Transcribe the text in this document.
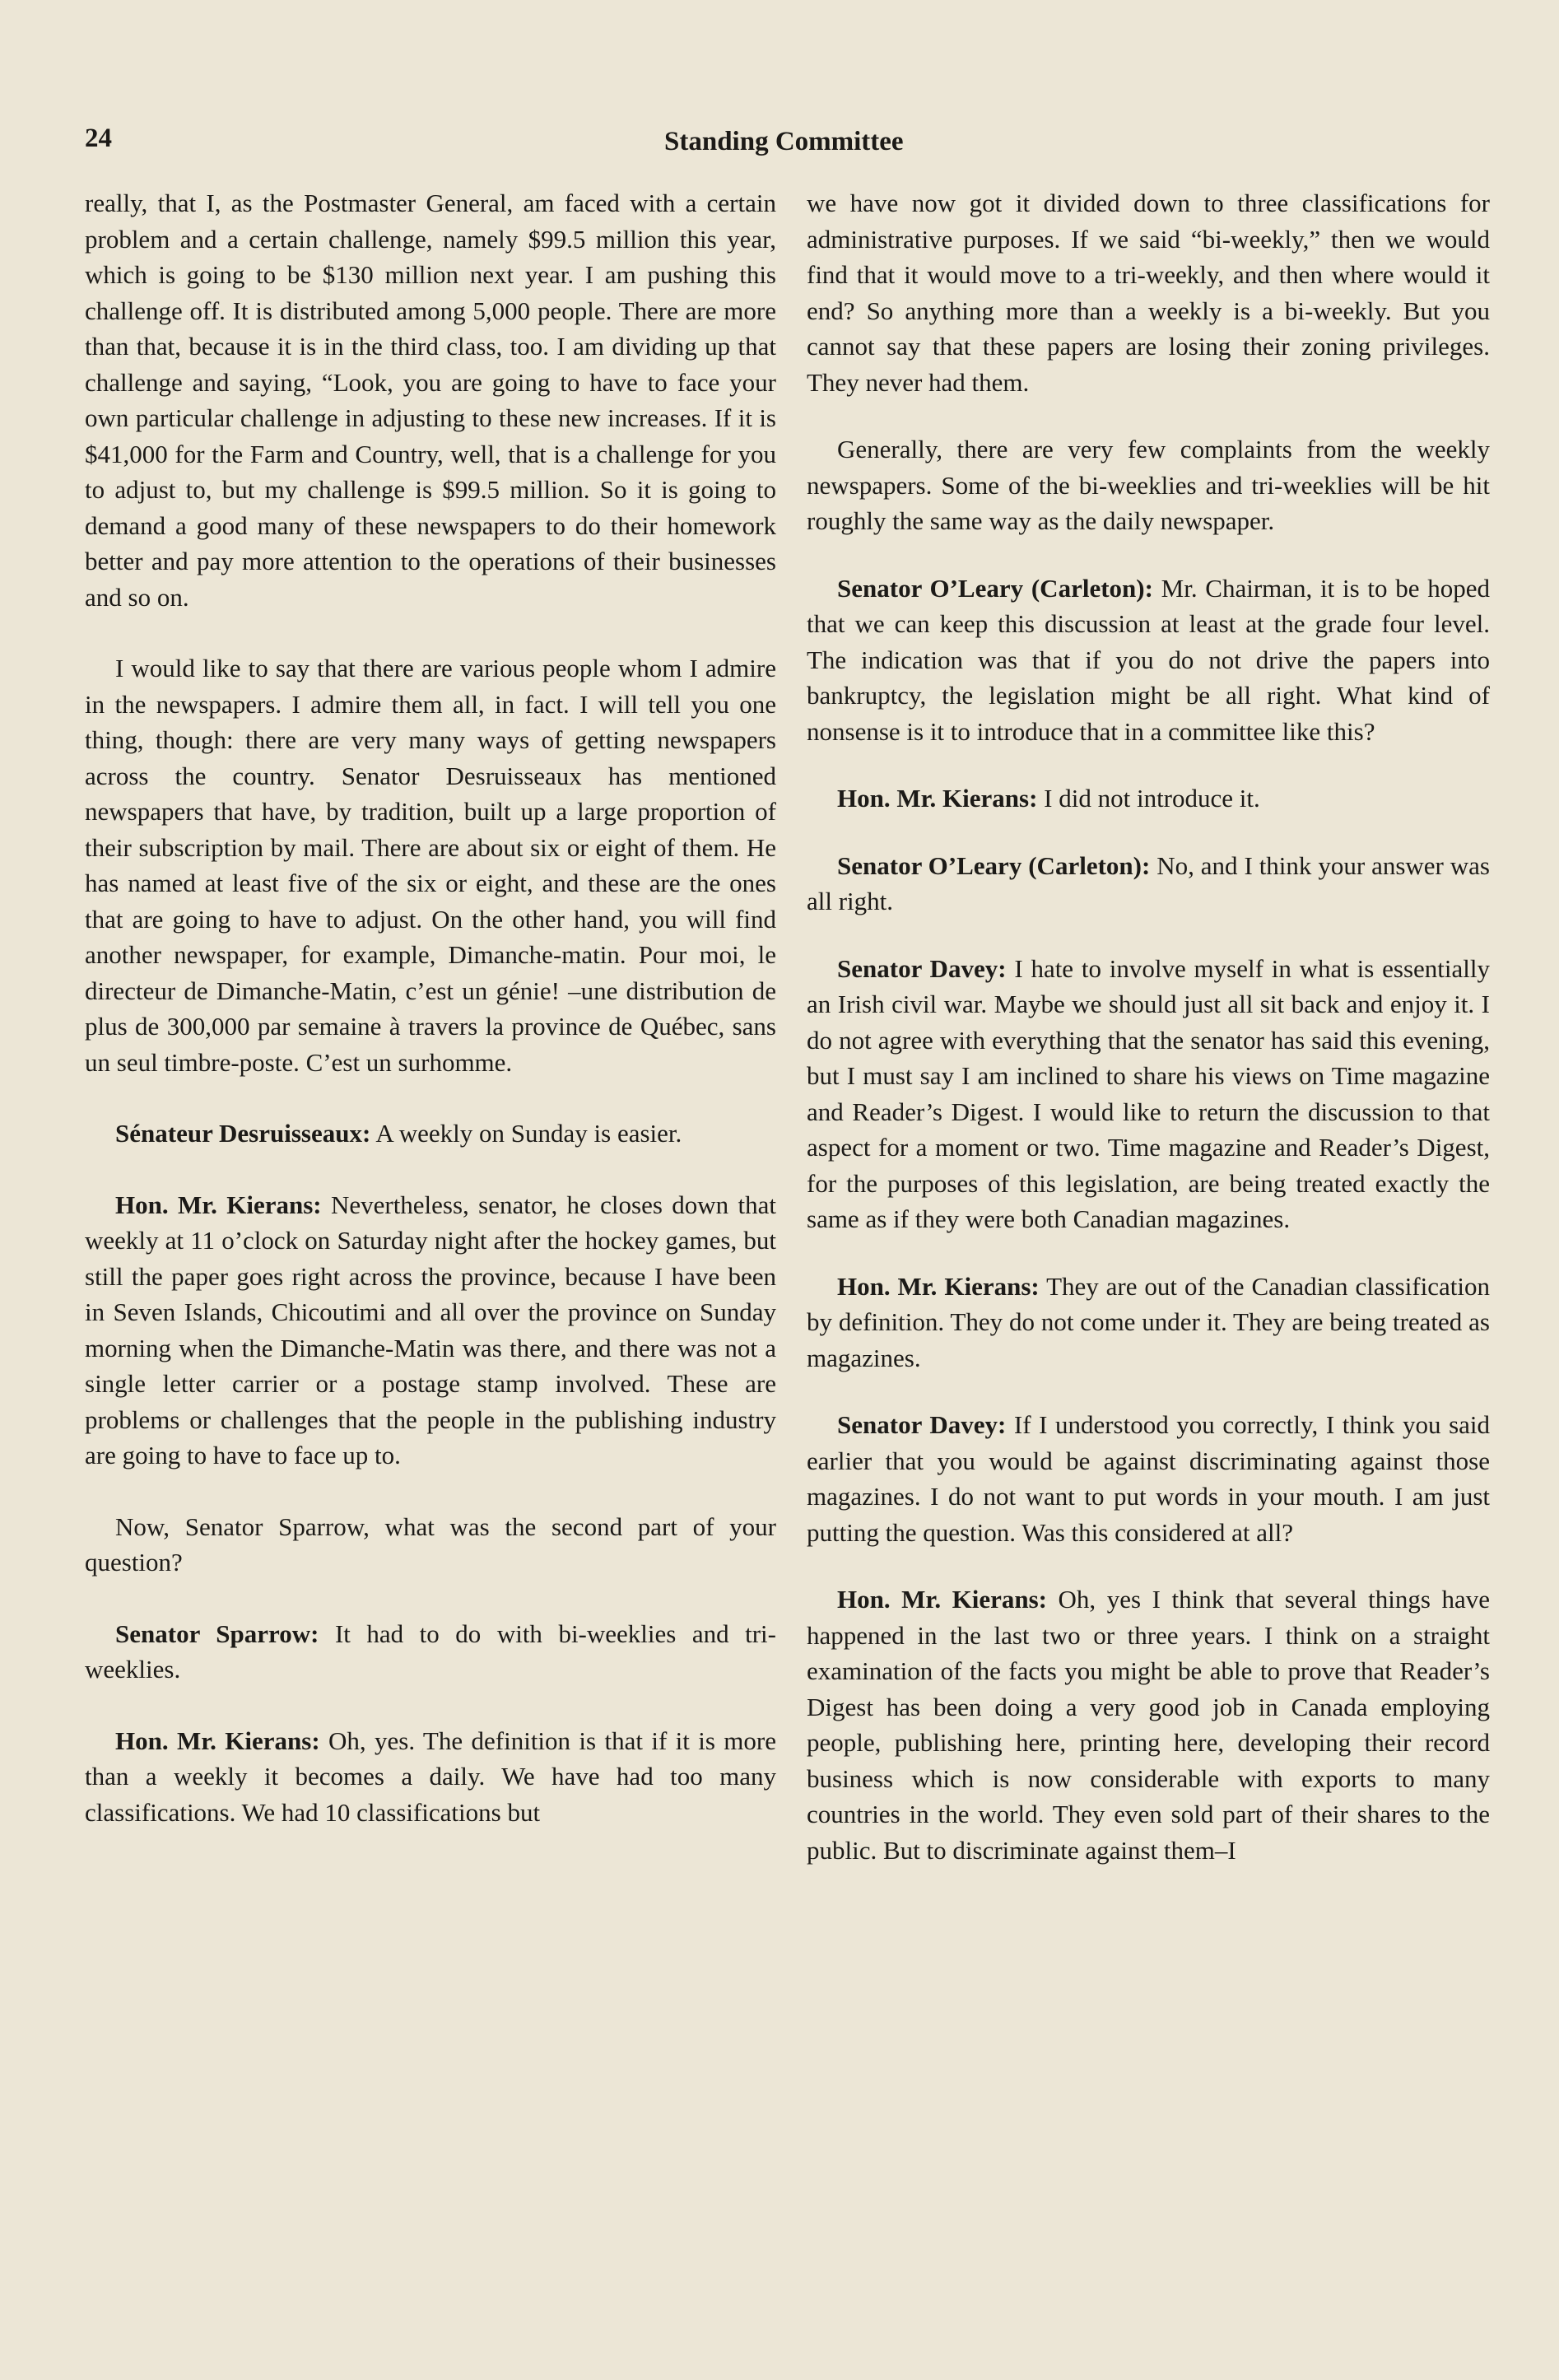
24	Standing Committee

really, that I, as the Postmaster General, am faced with a certain problem and a certain challenge, namely $99.5 million this year, which is going to be $130 million next year. I am pushing this challenge off. It is distributed among 5,000 people. There are more than that, because it is in the third class, too. I am dividing up that challenge and saying, “Look, you are going to have to face your own particular challenge in adjusting to these new increases. If it is $41,000 for the Farm and Country, well, that is a challenge for you to adjust to, but my challenge is $99.5 million. So it is going to demand a good many of these newspapers to do their homework better and pay more attention to the operations of their businesses and so on.

I would like to say that there are various people whom I admire in the newspapers. I admire them all, in fact. I will tell you one thing, though: there are very many ways of getting newspapers across the country. Senator Desruisseaux has mentioned newspapers that have, by tradition, built up a large proportion of their subscription by mail. There are about six or eight of them. He has named at least five of the six or eight, and these are the ones that are going to have to adjust. On the other hand, you will find another newspaper, for example, Dimanche-matin. Pour moi, le directeur de Dimanche-Matin, c’est un génie! –une distribution de plus de 300,000 par semaine à travers la province de Québec, sans un seul timbre-poste. C’est un surhomme.

Sénateur Desruisseaux: A weekly on Sunday is easier.

Hon. Mr. Kierans: Nevertheless, senator, he closes down that weekly at 11 o’clock on Saturday night after the hockey games, but still the paper goes right across the province, because I have been in Seven Islands, Chicoutimi and all over the province on Sunday morning when the Dimanche-Matin was there, and there was not a single letter carrier or a postage stamp involved. These are problems or challenges that the people in the publishing industry are going to have to face up to.

Now, Senator Sparrow, what was the second part of your question?

Senator Sparrow: It had to do with bi-weeklies and tri-weeklies.

Hon. Mr. Kierans: Oh, yes. The definition is that if it is more than a weekly it becomes a daily. We have had too many classifications. We had 10 classifications but

we have now got it divided down to three classifications for administrative purposes. If we said “bi-weekly,” then we would find that it would move to a tri-weekly, and then where would it end? So anything more than a weekly is a bi-weekly. But you cannot say that these papers are losing their zoning privileges. They never had them.

Generally, there are very few complaints from the weekly newspapers. Some of the bi-weeklies and tri-weeklies will be hit roughly the same way as the daily newspaper.

Senator O’Leary (Carleton): Mr. Chairman, it is to be hoped that we can keep this discussion at least at the grade four level. The indication was that if you do not drive the papers into bankruptcy, the legislation might be all right. What kind of nonsense is it to introduce that in a committee like this?

Hon. Mr. Kierans: I did not introduce it.

Senator O’Leary (Carleton): No, and I think your answer was all right.

Senator Davey: I hate to involve myself in what is essentially an Irish civil war. Maybe we should just all sit back and enjoy it. I do not agree with everything that the senator has said this evening, but I must say I am inclined to share his views on Time magazine and Reader’s Digest. I would like to return the discussion to that aspect for a moment or two. Time magazine and Reader’s Digest, for the purposes of this legislation, are being treated exactly the same as if they were both Canadian magazines.

Hon. Mr. Kierans: They are out of the Canadian classification by definition. They do not come under it. They are being treated as magazines.

Senator Davey: If I understood you correctly, I think you said earlier that you would be against discriminating against those magazines. I do not want to put words in your mouth. I am just putting the question. Was this considered at all?

Hon. Mr. Kierans: Oh, yes I think that several things have happened in the last two or three years. I think on a straight examination of the facts you might be able to prove that Reader’s Digest has been doing a very good job in Canada employing people, publishing here, printing here, developing their record business which is now considerable with exports to many countries in the world. They even sold part of their shares to the public. But to discriminate against them–I
